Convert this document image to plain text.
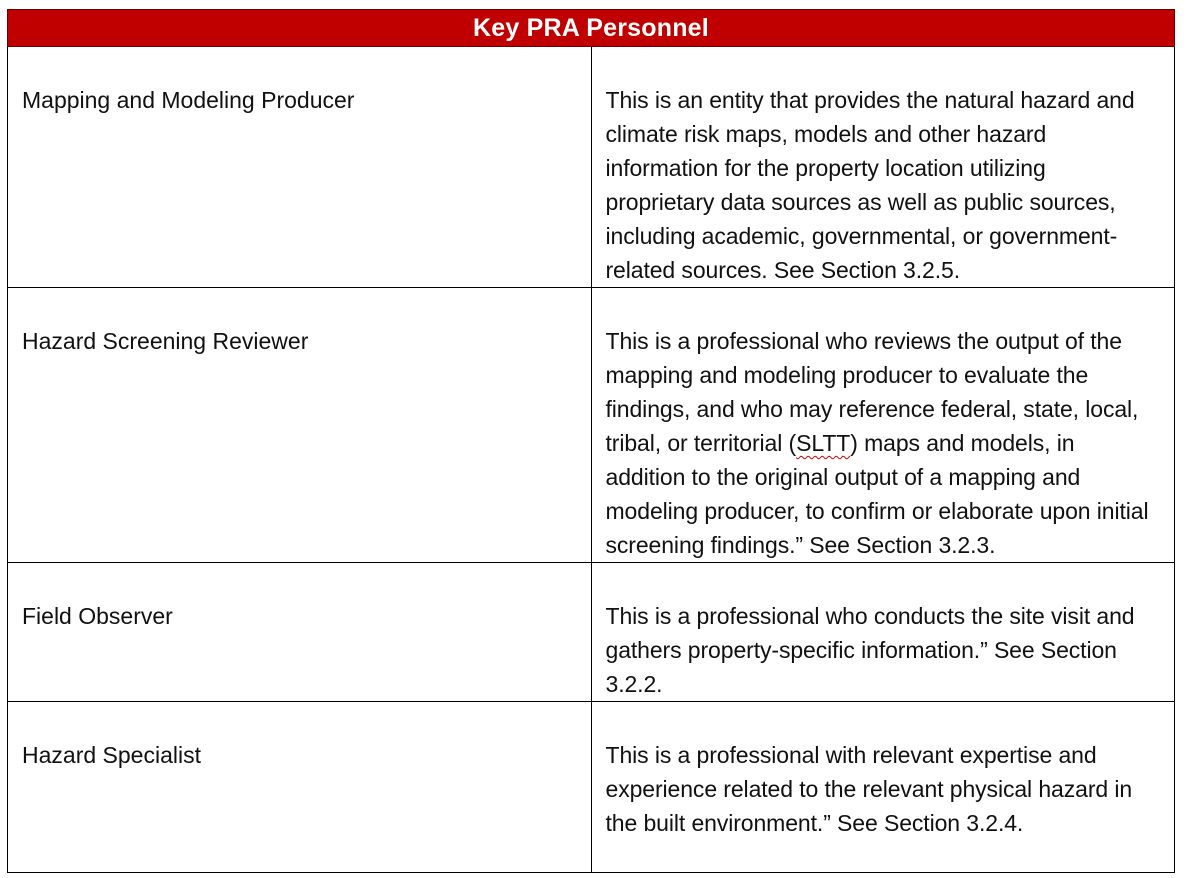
Key PRA Personnel	
Mapping and Modeling Producer	This is an entity that provides the natural hazard and climate risk maps, models and other hazard information for the property location utilizing proprietary data sources as well as public sources, including academic, governmental, or government-related sources. See Section 3.2.5.

Hazard Screening Reviewer	This is a professional who reviews the output of the mapping and modeling producer to evaluate the findings, and who may reference federal, state, local, tribal, or territorial (SLTT) maps and models, in addition to the original output of a mapping and modeling producer, to confirm or elaborate upon initial screening findings.” See Section 3.2.3.

Field Observer	This is a professional who conducts the site visit and gathers property-specific information.” See Section 3.2.2.

Hazard Specialist	This is a professional with relevant expertise and experience related to the relevant physical hazard in the built environment.” See Section 3.2.4.
